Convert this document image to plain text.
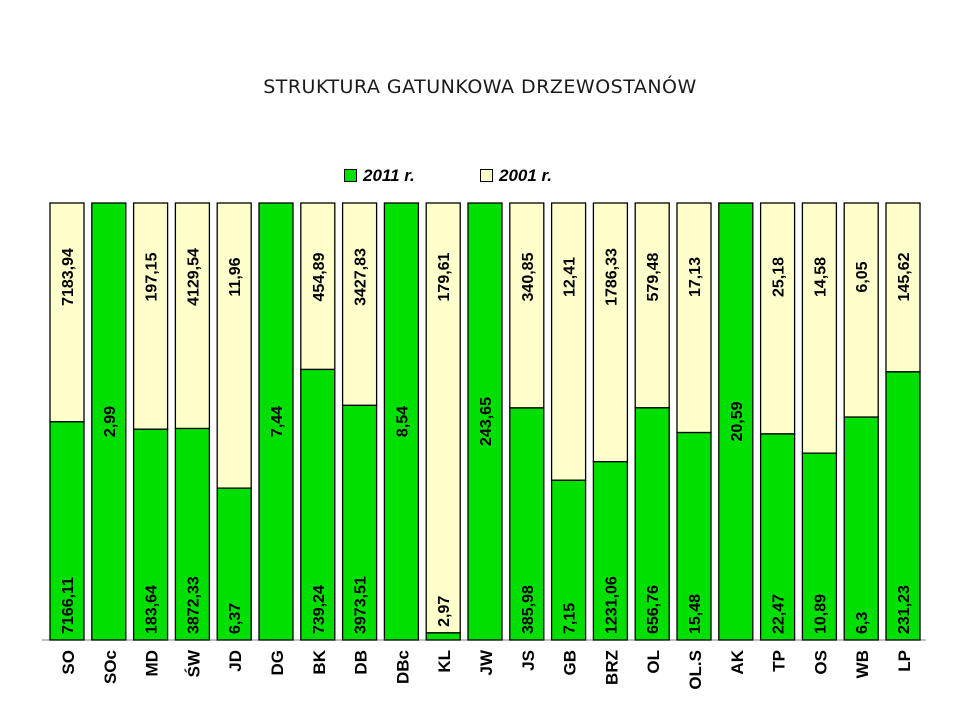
STRUKTURA GATUNKOWA DRZEWOSTANÓW
2011 r.	2001 r.
7166,11
7183,94
SO
2,99
SOc
183,64
197,15
MD
3872,33
4129,54
ŚW
6,37
11,96
JD
7,44
DG
739,24
454,89
BK
3973,51
3427,83
DB
8,54
DBc
2,97
179,61
KL
243,65
JW
385,98
340,85
JS
7,15
12,41
GB
1231,06
1786,33
BRZ
656,76
579,48
OL
15,48
17,13
OL.S
20,59
AK
22,47
25,18
TP
10,89
14,58
OS
6,3
6,05
WB
231,23
145,62
LP
